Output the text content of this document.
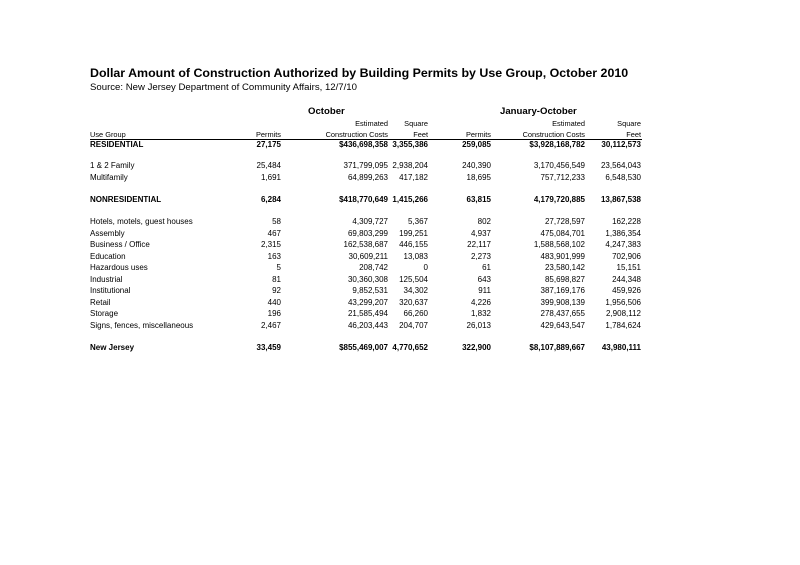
Dollar Amount of Construction Authorized by Building Permits by Use Group, October 2010
Source: New Jersey Department of Community Affairs, 12/7/10
October	January-October
Estimated Square	Estimated	Square
Use Group	Permits	Construction Costs	Feet	Permits	Construction Costs	Feet
RESIDENTIAL	27,175	$436,698,358 3,355,386	259,085	$3,928,168,782 30,112,573
1 & 2 Family	25,484	371,799,095 2,938,204	240,390	3,170,456,549 23,564,043
Multifamily	1,691	64,899,263 417,182	18,695	757,712,233	6,548,530
NONRESIDENTIAL	6,284	$418,770,649 1,415,266	63,815	4,179,720,885 13,867,538
Hotels, motels, guest houses	58	4,309,727 5,367	802	27,728,597	162,228
Assembly	467	69,803,299 199,251	4,937	475,084,701	1,386,354
Business / Office	2,315	162,538,687 446,155	22,117	1,588,568,102	4,247,383
Education	163	30,609,211 13,083	2,273	483,901,999	702,906
Hazardous uses	5	208,742	0	61	23,580,142	15,151
Industrial	81	30,360,308 125,504	643	85,698,827	244,348
Institutional	92	9,852,531 34,302	911	387,169,176	459,926
Retail	440	43,299,207 320,637	4,226	399,908,139	1,956,506
Storage	196	21,585,494 66,260	1,832	278,437,655	2,908,112
Signs, fences, miscellaneous	2,467	46,203,443 204,707	26,013	429,643,547	1,784,624
New Jersey	33,459	$855,469,007 4,770,652	322,900	$8,107,889,667 43,980,111
